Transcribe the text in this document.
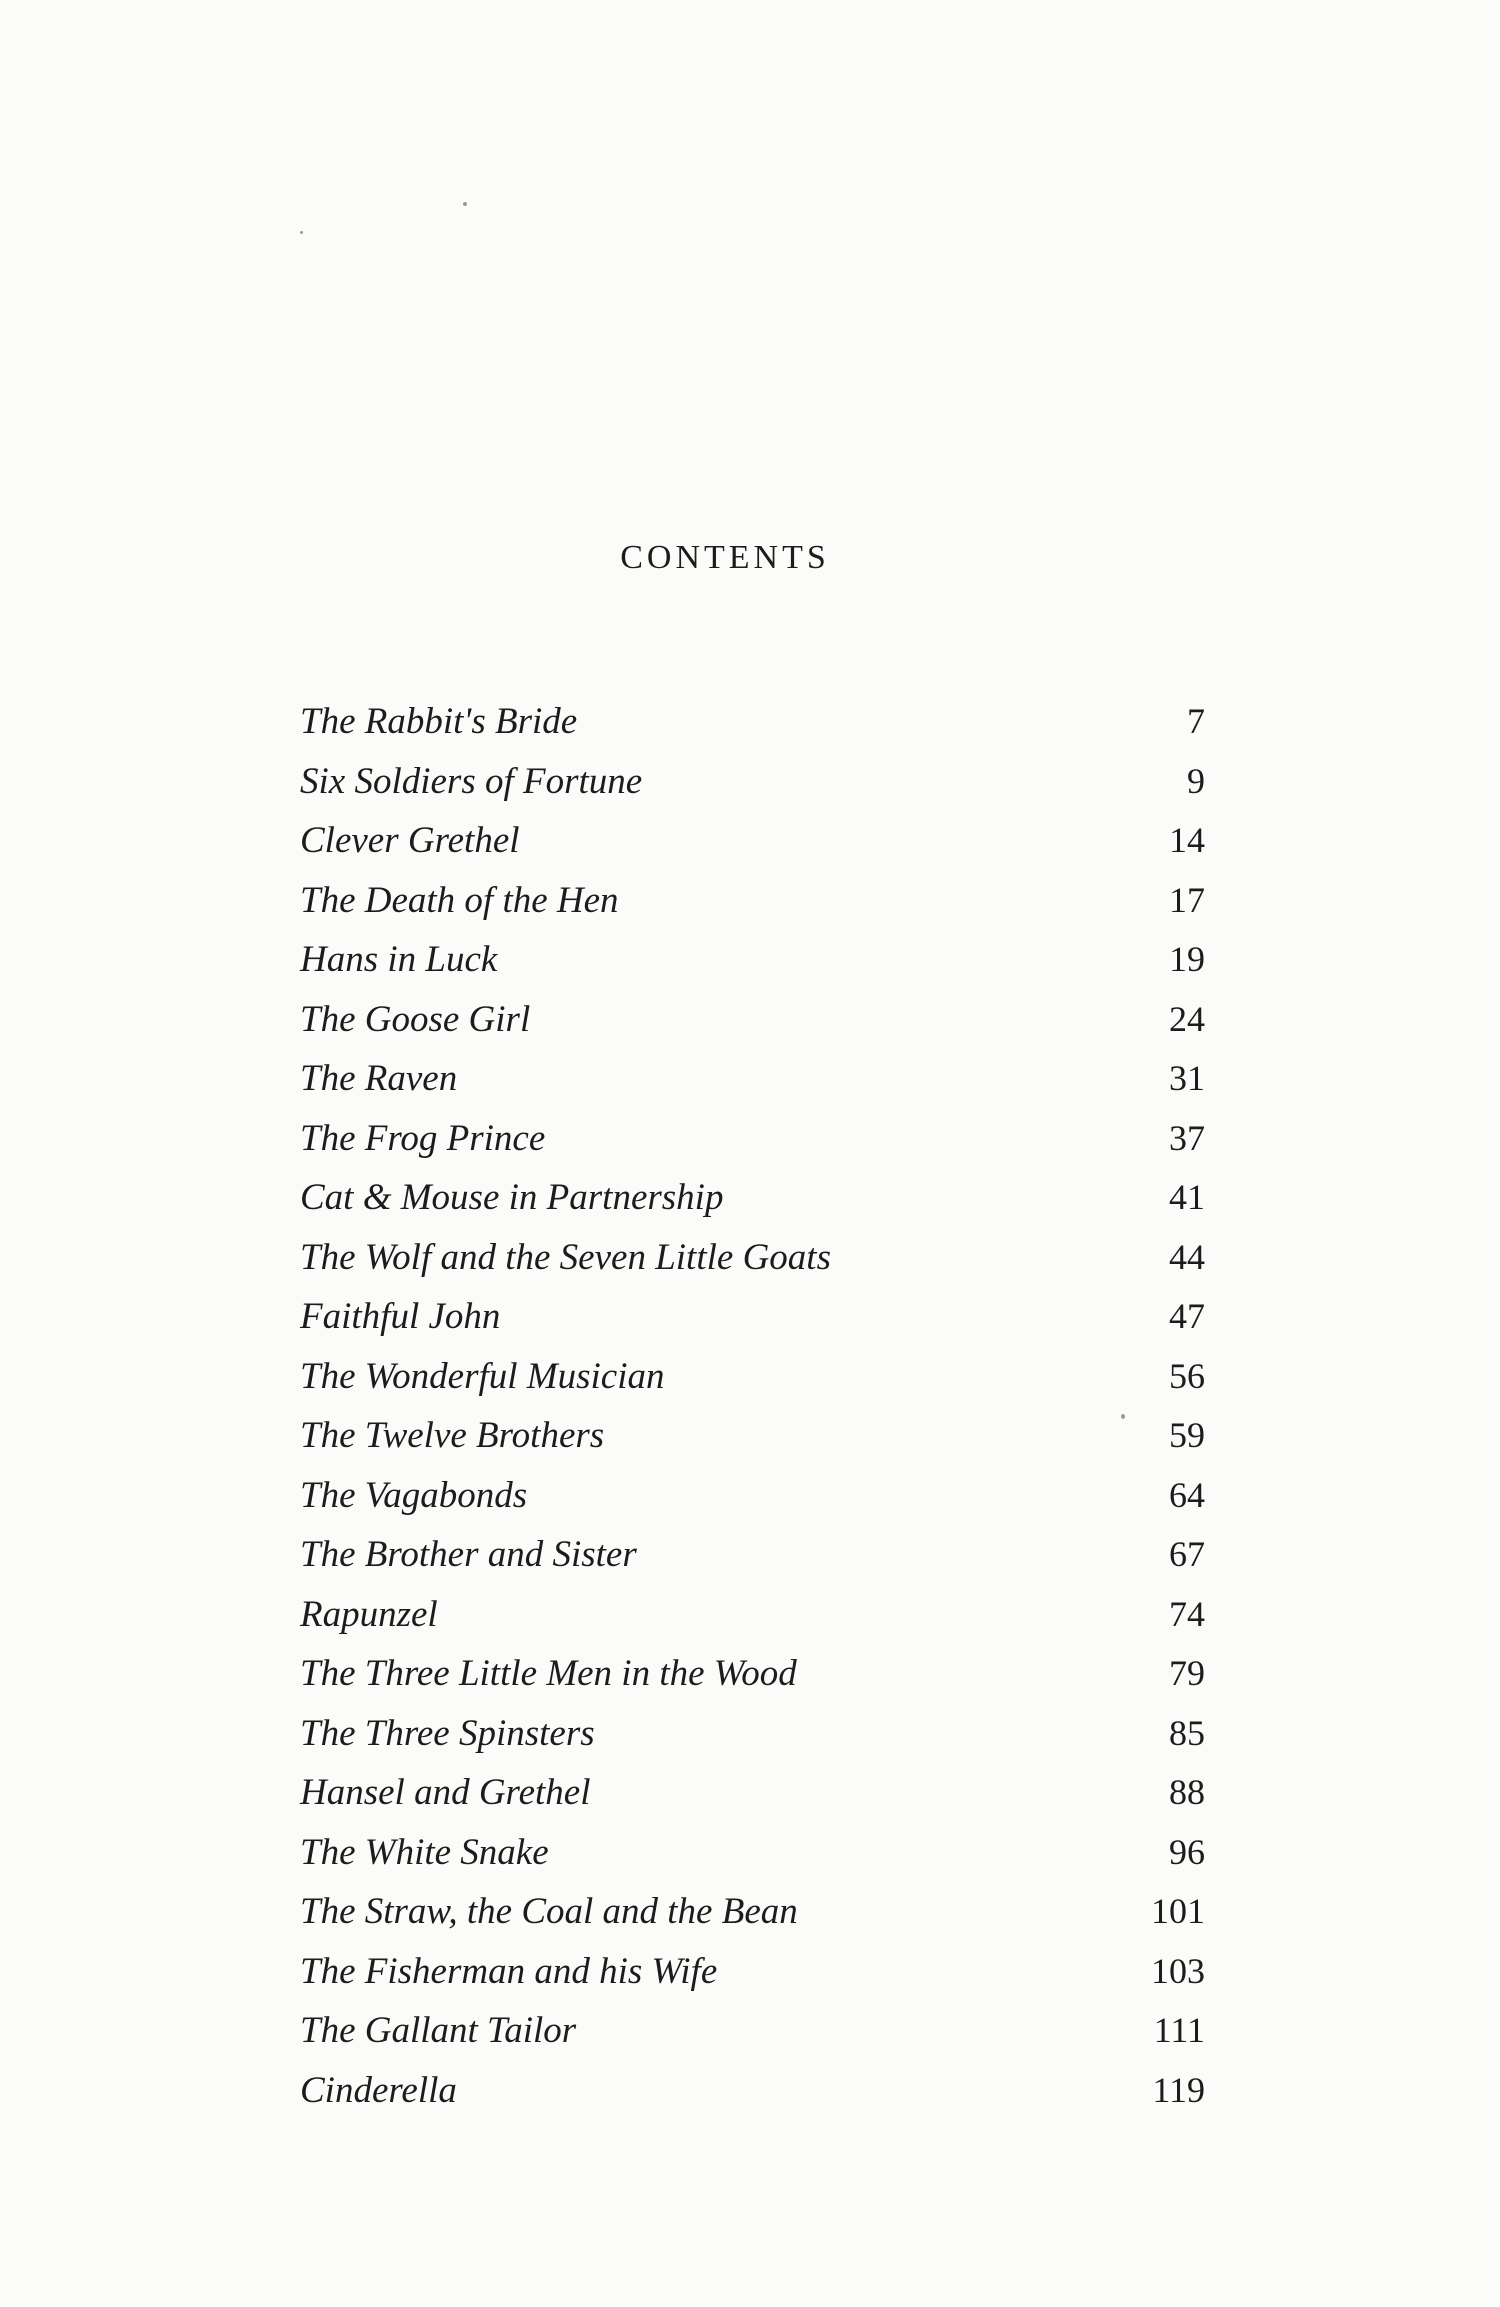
CONTENTS
The Rabbit's Bride	7
Six Soldiers of Fortune	9
Clever Grethel	14
The Death of the Hen	17
Hans in Luck	19
The Goose Girl	24
The Raven	31
The Frog Prince	37
Cat & Mouse in Partnership	41
The Wolf and the Seven Little Goats	44
Faithful John	47
The Wonderful Musician	56
The Twelve Brothers	59
The Vagabonds	64
The Brother and Sister	67
Rapunzel	74
The Three Little Men in the Wood	79
The Three Spinsters	85
Hansel and Grethel	88
The White Snake	96
The Straw, the Coal and the Bean	101
The Fisherman and his Wife	103
The Gallant Tailor	111
Cinderella	119
